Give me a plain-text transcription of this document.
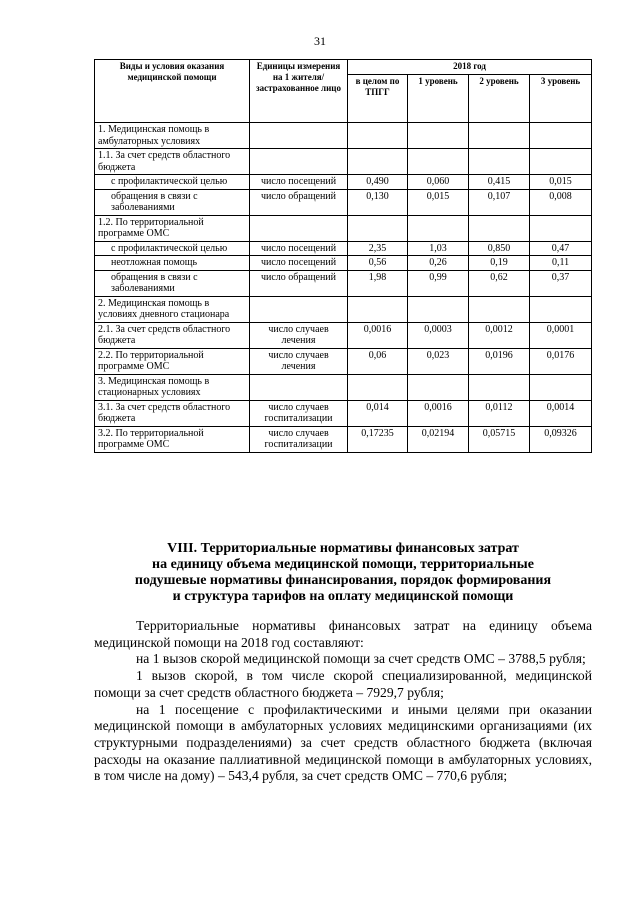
31
Виды и условия оказания медицинской помощи	Единицы измерения на 1 жителя/ застрахованное лицо	2018 год			
		в целом по ТПГГ	1 уровень	2 уровень	3 уровень
1. Медицинская помощь в амбулаторных условиях					
1.1. За счет средств областного бюджета					
с профилактической целью	число посещений	0,490	0,060	0,415	0,015
обращения в связи с заболеваниями	число обращений	0,130	0,015	0,107	0,008
1.2. По территориальной программе ОМС					
с профилактической целью	число посещений	2,35	1,03	0,850	0,47
неотложная помощь	число посещений	0,56	0,26	0,19	0,11
обращения в связи с заболеваниями	число обращений	1,98	0,99	0,62	0,37
2. Медицинская помощь в условиях дневного стационара					
2.1. За счет средств областного бюджета	число случаев лечения	0,0016	0,0003	0,0012	0,0001
2.2. По территориальной программе ОМС	число случаев лечения	0,06	0,023	0,0196	0,0176
3. Медицинская помощь в стационарных условиях					
3.1. За счет средств областного бюджета	число случаев госпитализации	0,014	0,0016	0,0112	0,0014
3.2. По территориальной программе ОМС	число случаев госпитализации	0,17235	0,02194	0,05715	0,09326
VIII. Территориальные нормативы финансовых затрат
на единицу объема медицинской помощи, территориальные
подушевые нормативы финансирования, порядок формирования
и структура тарифов на оплату медицинской помощи

Территориальные нормативы финансовых затрат на единицу объема медицинской помощи на 2018 год составляют:

на 1 вызов скорой медицинской помощи за счет средств ОМС – 3788,5 рубля;

1 вызов скорой, в том числе скорой специализированной, медицинской помощи за счет средств областного бюджета – 7929,7 рубля;

на 1 посещение с профилактическими и иными целями при оказании медицинской помощи в амбулаторных условиях медицинскими организациями (их структурными подразделениями) за счет средств областного бюджета (включая расходы на оказание паллиативной медицинской помощи в амбулаторных условиях, в том числе на дому) – 543,4 рубля, за счет средств ОМС – 770,6 рубля;
